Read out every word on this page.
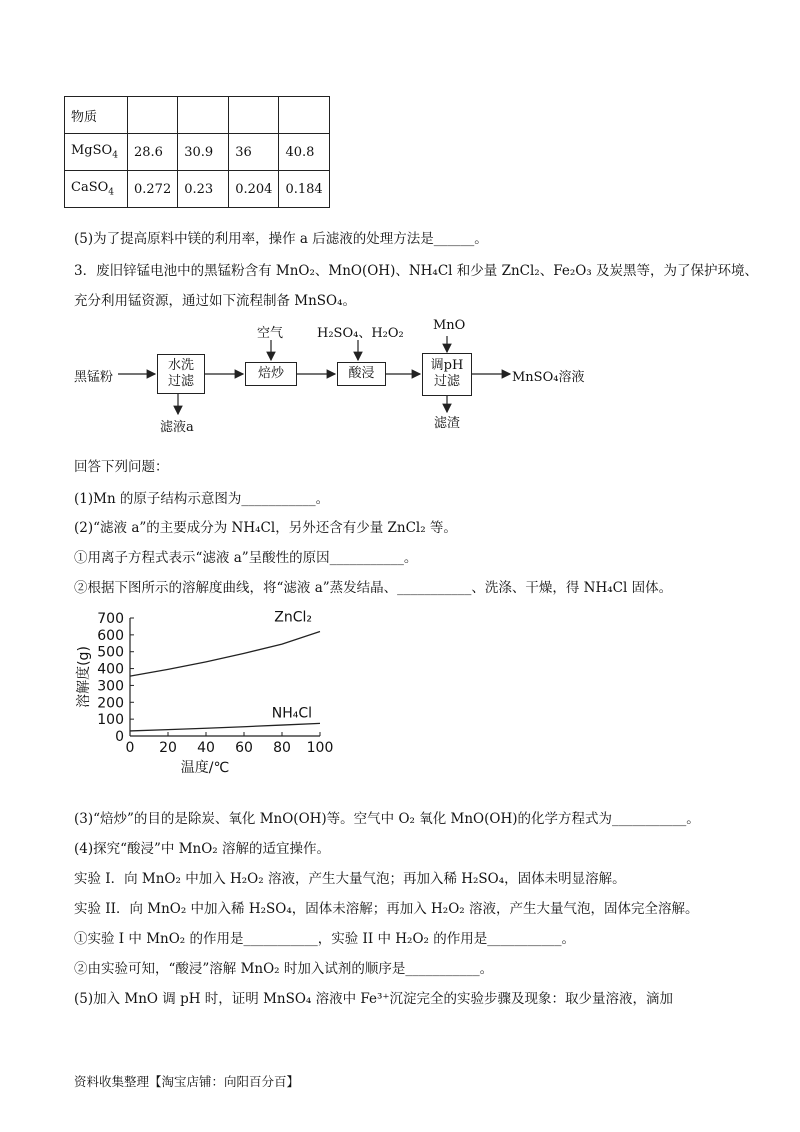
物质				
MgSO$_4$	28.6	30.9	36	40.8
CaSO$_4$	0.272	0.23	0.204	0.184
(5)为了提高原料中镁的利用率，操作 a 后滤液的处理方法是______。
3．废旧锌锰电池中的黑锰粉含有 MnO₂、MnO(OH)、NH₄Cl 和少量 ZnCl₂、Fe₂O₃ 及炭黑等，为了保护环境、
充分利用锰资源，通过如下流程制备 MnSO₄。
黑锰粉
水洗
过滤
滤液a
空气
焙炒
H₂SO₄、H₂O₂
酸浸
MnO
调pH
过滤
滤渣
MnSO₄溶液
回答下列问题：
(1)Mn 的原子结构示意图为___________。
(2)“滤液 a”的主要成分为 NH₄Cl，另外还含有少量 ZnCl₂ 等。
①用离子方程式表示“滤液 a”呈酸性的原因___________。
②根据下图所示的溶解度曲线，将“滤液 a”蒸发结晶、___________、洗涤、干燥，得 NH₄Cl 固体。
0
100
200
300
400
500
600
700
0 20 40 60 80 100
温度/℃
溶解度(g)
ZnCl₂
NH₄Cl
(3)“焙炒”的目的是除炭、氧化 MnO(OH)等。空气中 O₂ 氧化 MnO(OH)的化学方程式为___________。
(4)探究“酸浸”中 MnO₂ 溶解的适宜操作。
实验 I．向 MnO₂ 中加入 H₂O₂ 溶液，产生大量气泡；再加入稀 H₂SO₄，固体未明显溶解。
实验 II．向 MnO₂ 中加入稀 H₂SO₄，固体未溶解；再加入 H₂O₂ 溶液，产生大量气泡，固体完全溶解。
①实验 I 中 MnO₂ 的作用是___________，实验 II 中 H₂O₂ 的作用是___________。
②由实验可知，“酸浸”溶解 MnO₂ 时加入试剂的顺序是___________。
(5)加入 MnO 调 pH 时，证明 MnSO₄ 溶液中 Fe³⁺沉淀完全的实验步骤及现象：取少量溶液，滴加
资料收集整理【淘宝店铺：向阳百分百】
